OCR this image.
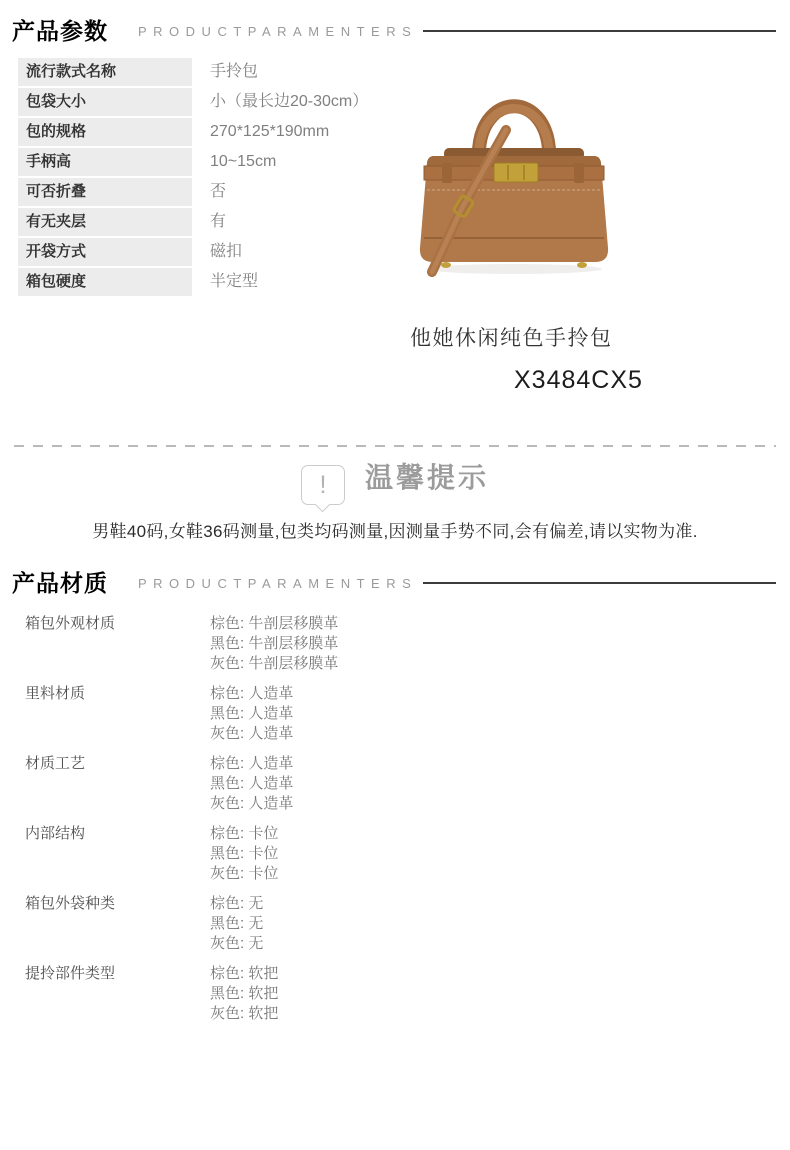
产品参数 PRODUCTPARAMENTERS
流行款式名称	手拎包
包袋大小	小（最长边20-30cm）
包的规格	270*125*190mm
手柄高	10~15cm
可否折叠	否
有无夹层	有
开袋方式	磁扣
箱包硬度	半定型
他她休闲纯色手拎包
X3484CX5
!	温馨提示
男鞋40码,女鞋36码测量,包类均码测量,因测量手势不同,会有偏差,请以实物为准.
产品材质 PRODUCTPARAMENTERS
箱包外观材质	棕色: 牛剖层移膜革
黑色: 牛剖层移膜革
灰色: 牛剖层移膜革
里料材质	棕色: 人造革
黑色: 人造革
灰色: 人造革
材质工艺	棕色: 人造革
黑色: 人造革
灰色: 人造革
内部结构	棕色: 卡位
黑色: 卡位
灰色: 卡位
箱包外袋种类	棕色: 无
黑色: 无
灰色: 无
提拎部件类型	棕色: 软把
黑色: 软把
灰色: 软把
